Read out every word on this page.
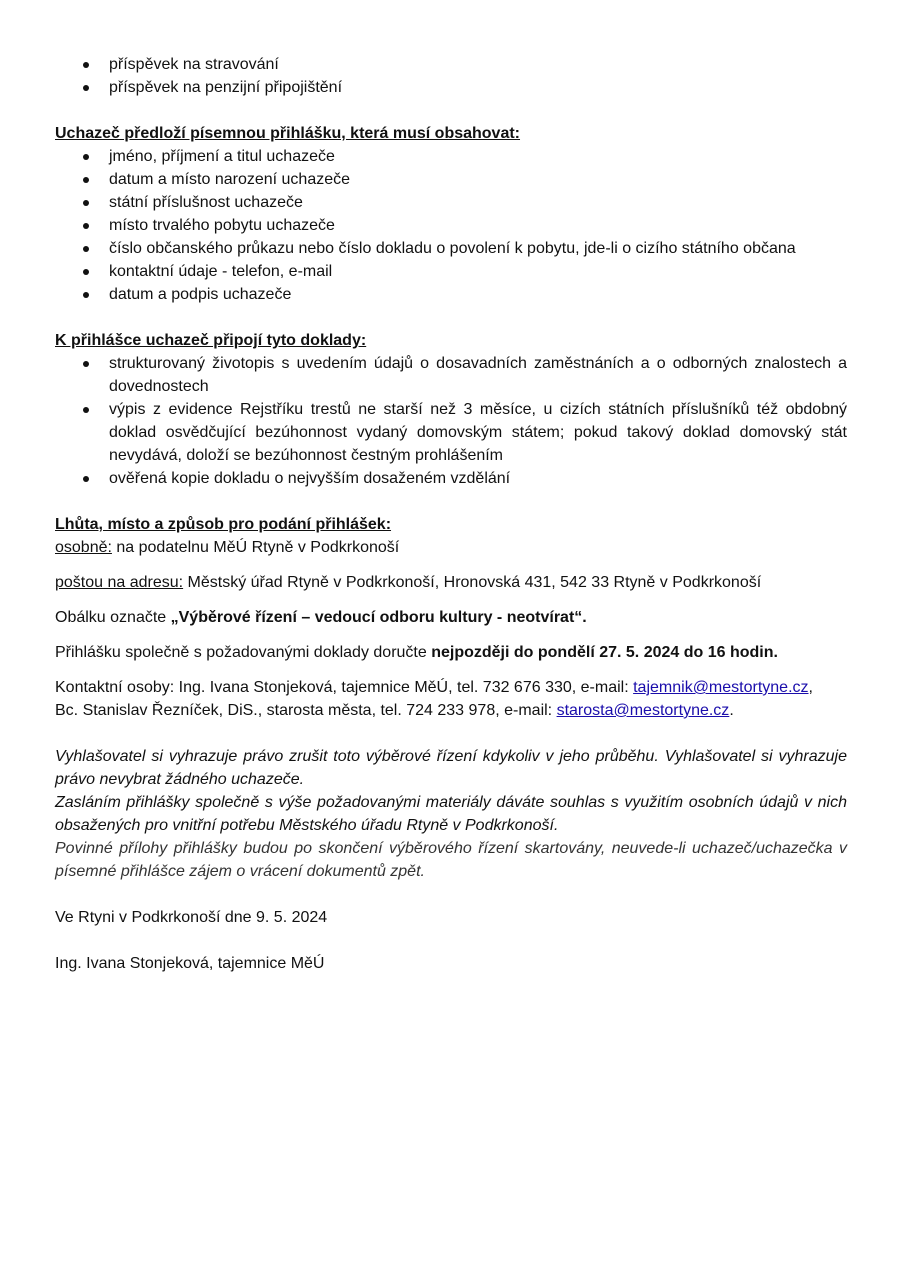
příspěvek na stravování
příspěvek na penzijní připojištění

Uchazeč předloží písemnou přihlášku, která musí obsahovat:

jméno, příjmení a titul uchazeče
datum a místo narození uchazeče
státní příslušnost uchazeče
místo trvalého pobytu uchazeče
číslo občanského průkazu nebo číslo dokladu o povolení k pobytu, jde-li o cizího státního občana
kontaktní údaje - telefon, e-mail
datum a podpis uchazeče

K přihlášce uchazeč připojí tyto doklady:

strukturovaný životopis s uvedením údajů o dosavadních zaměstnáních a o odborných znalostech a dovednostech
výpis z evidence Rejstříku trestů ne starší než 3 měsíce, u cizích státních příslušníků též obdobný doklad osvědčující bezúhonnost vydaný domovským státem; pokud takový doklad domovský stát nevydává, doloží se bezúhonnost čestným prohlášením
ověřená kopie dokladu o nejvyšším dosaženém vzdělání

Lhůta, místo a způsob pro podání přihlášek:

osobně: na podatelnu MěÚ Rtyně v Podkrkonoší

poštou na adresu: Městský úřad Rtyně v Podkrkonoší, Hronovská 431, 542 33 Rtyně v Podkrkonoší

Obálku označte „Výběrové řízení – vedoucí odboru kultury - neotvírat“.

Přihlášku společně s požadovanými doklady doručte nejpozději do pondělí 27. 5. 2024 do 16 hodin.

Kontaktní osoby: Ing. Ivana Stonjeková, tajemnice MěÚ, tel. 732 676 330, e-mail: tajemnik@mestortyne.cz,

Bc. Stanislav Řezníček, DiS., starosta města, tel. 724 233 978, e-mail: starosta@mestortyne.cz.

Vyhlašovatel si vyhrazuje právo zrušit toto výběrové řízení kdykoliv v jeho průběhu. Vyhlašovatel si vyhrazuje právo nevybrat žádného uchazeče.

Zasláním přihlášky společně s výše požadovanými materiály dáváte souhlas s využitím osobních údajů v nich obsažených pro vnitřní potřebu Městského úřadu Rtyně v Podkrkonoší.

Povinné přílohy přihlášky budou po skončení výběrového řízení skartovány, neuvede-li uchazeč/uchazečka v písemné přihlášce zájem o vrácení dokumentů zpět.

Ve Rtyni v Podkrkonoší dne 9. 5. 2024

Ing. Ivana Stonjeková, tajemnice MěÚ
